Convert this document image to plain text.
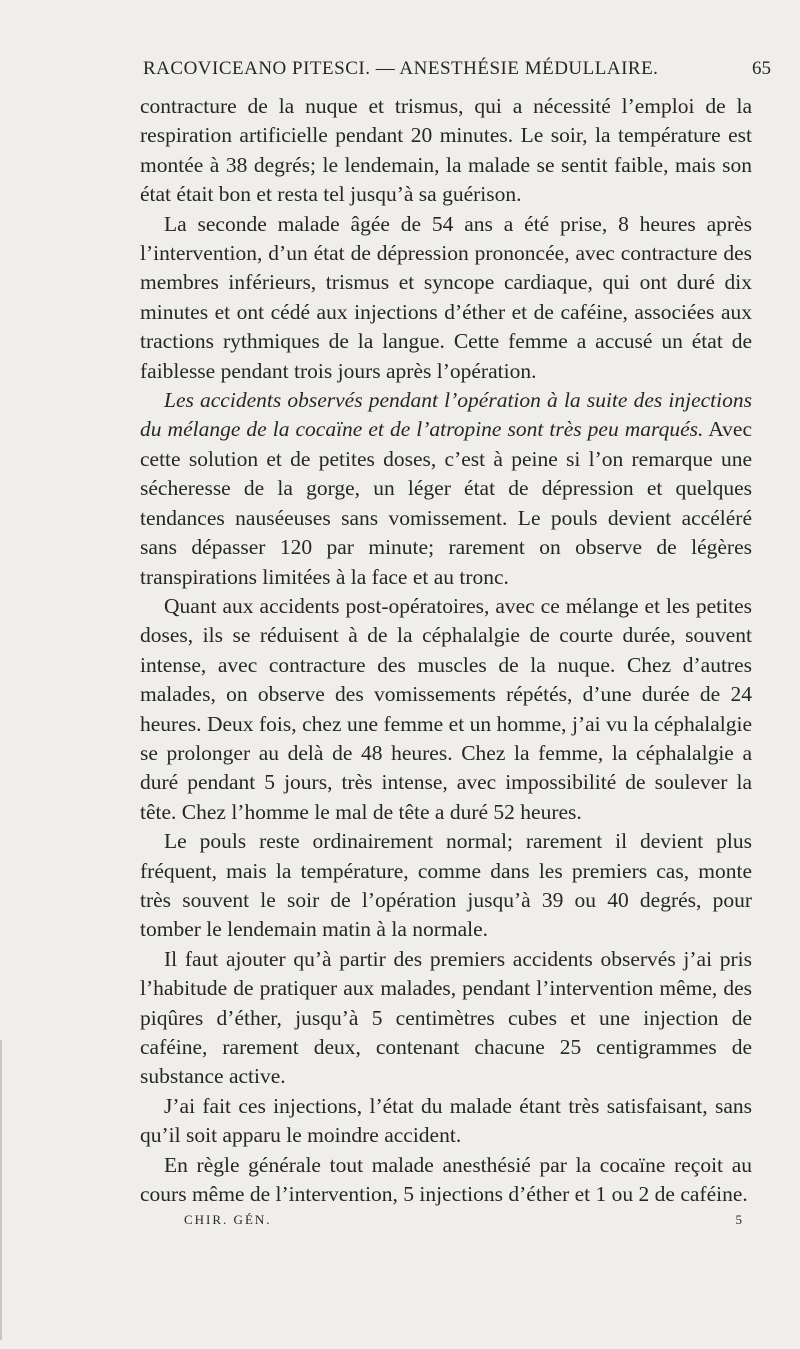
RACOVICEANO PITESCI. — ANESTHÉSIE MÉDULLAIRE.	65

contracture de la nuque et trismus, qui a nécessité l’emploi de la respiration artificielle pendant 20 minutes. Le soir, la température est montée à 38 degrés; le lendemain, la malade se sentit faible, mais son état était bon et resta tel jusqu’à sa guérison.

La seconde malade âgée de 54 ans a été prise, 8 heures après l’intervention, d’un état de dépression prononcée, avec contracture des membres inférieurs, trismus et syncope cardiaque, qui ont duré dix minutes et ont cédé aux injections d’éther et de caféine, associées aux tractions rythmiques de la langue. Cette femme a accusé un état de faiblesse pendant trois jours après l’opération.

Les accidents observés pendant l’opération à la suite des injections du mélange de la cocaïne et de l’atropine sont très peu marqués. Avec cette solution et de petites doses, c’est à peine si l’on remarque une sécheresse de la gorge, un léger état de dépression et quelques tendances nauséeuses sans vomissement. Le pouls devient accéléré sans dépasser 120 par minute; rarement on observe de légères transpirations limitées à la face et au tronc.

Quant aux accidents post-opératoires, avec ce mélange et les petites doses, ils se réduisent à de la céphalalgie de courte durée, souvent intense, avec contracture des muscles de la nuque. Chez d’autres malades, on observe des vomissements répétés, d’une durée de 24 heures. Deux fois, chez une femme et un homme, j’ai vu la céphalalgie se prolonger au delà de 48 heures. Chez la femme, la céphalalgie a duré pendant 5 jours, très intense, avec impossibilité de soulever la tête. Chez l’homme le mal de tête a duré 52 heures.

Le pouls reste ordinairement normal; rarement il devient plus fréquent, mais la température, comme dans les premiers cas, monte très souvent le soir de l’opération jusqu’à 39 ou 40 degrés, pour tomber le lendemain matin à la normale.

Il faut ajouter qu’à partir des premiers accidents observés j’ai pris l’habitude de pratiquer aux malades, pendant l’intervention même, des piqûres d’éther, jusqu’à 5 centimètres cubes et une injection de caféine, rarement deux, contenant chacune 25 centigrammes de substance active.

J’ai fait ces injections, l’état du malade étant très satisfaisant, sans qu’il soit apparu le moindre accident.

En règle générale tout malade anesthésié par la cocaïne reçoit au cours même de l’intervention, 5 injections d’éther et 1 ou 2 de caféine.

CHIR. GÉN.	5
